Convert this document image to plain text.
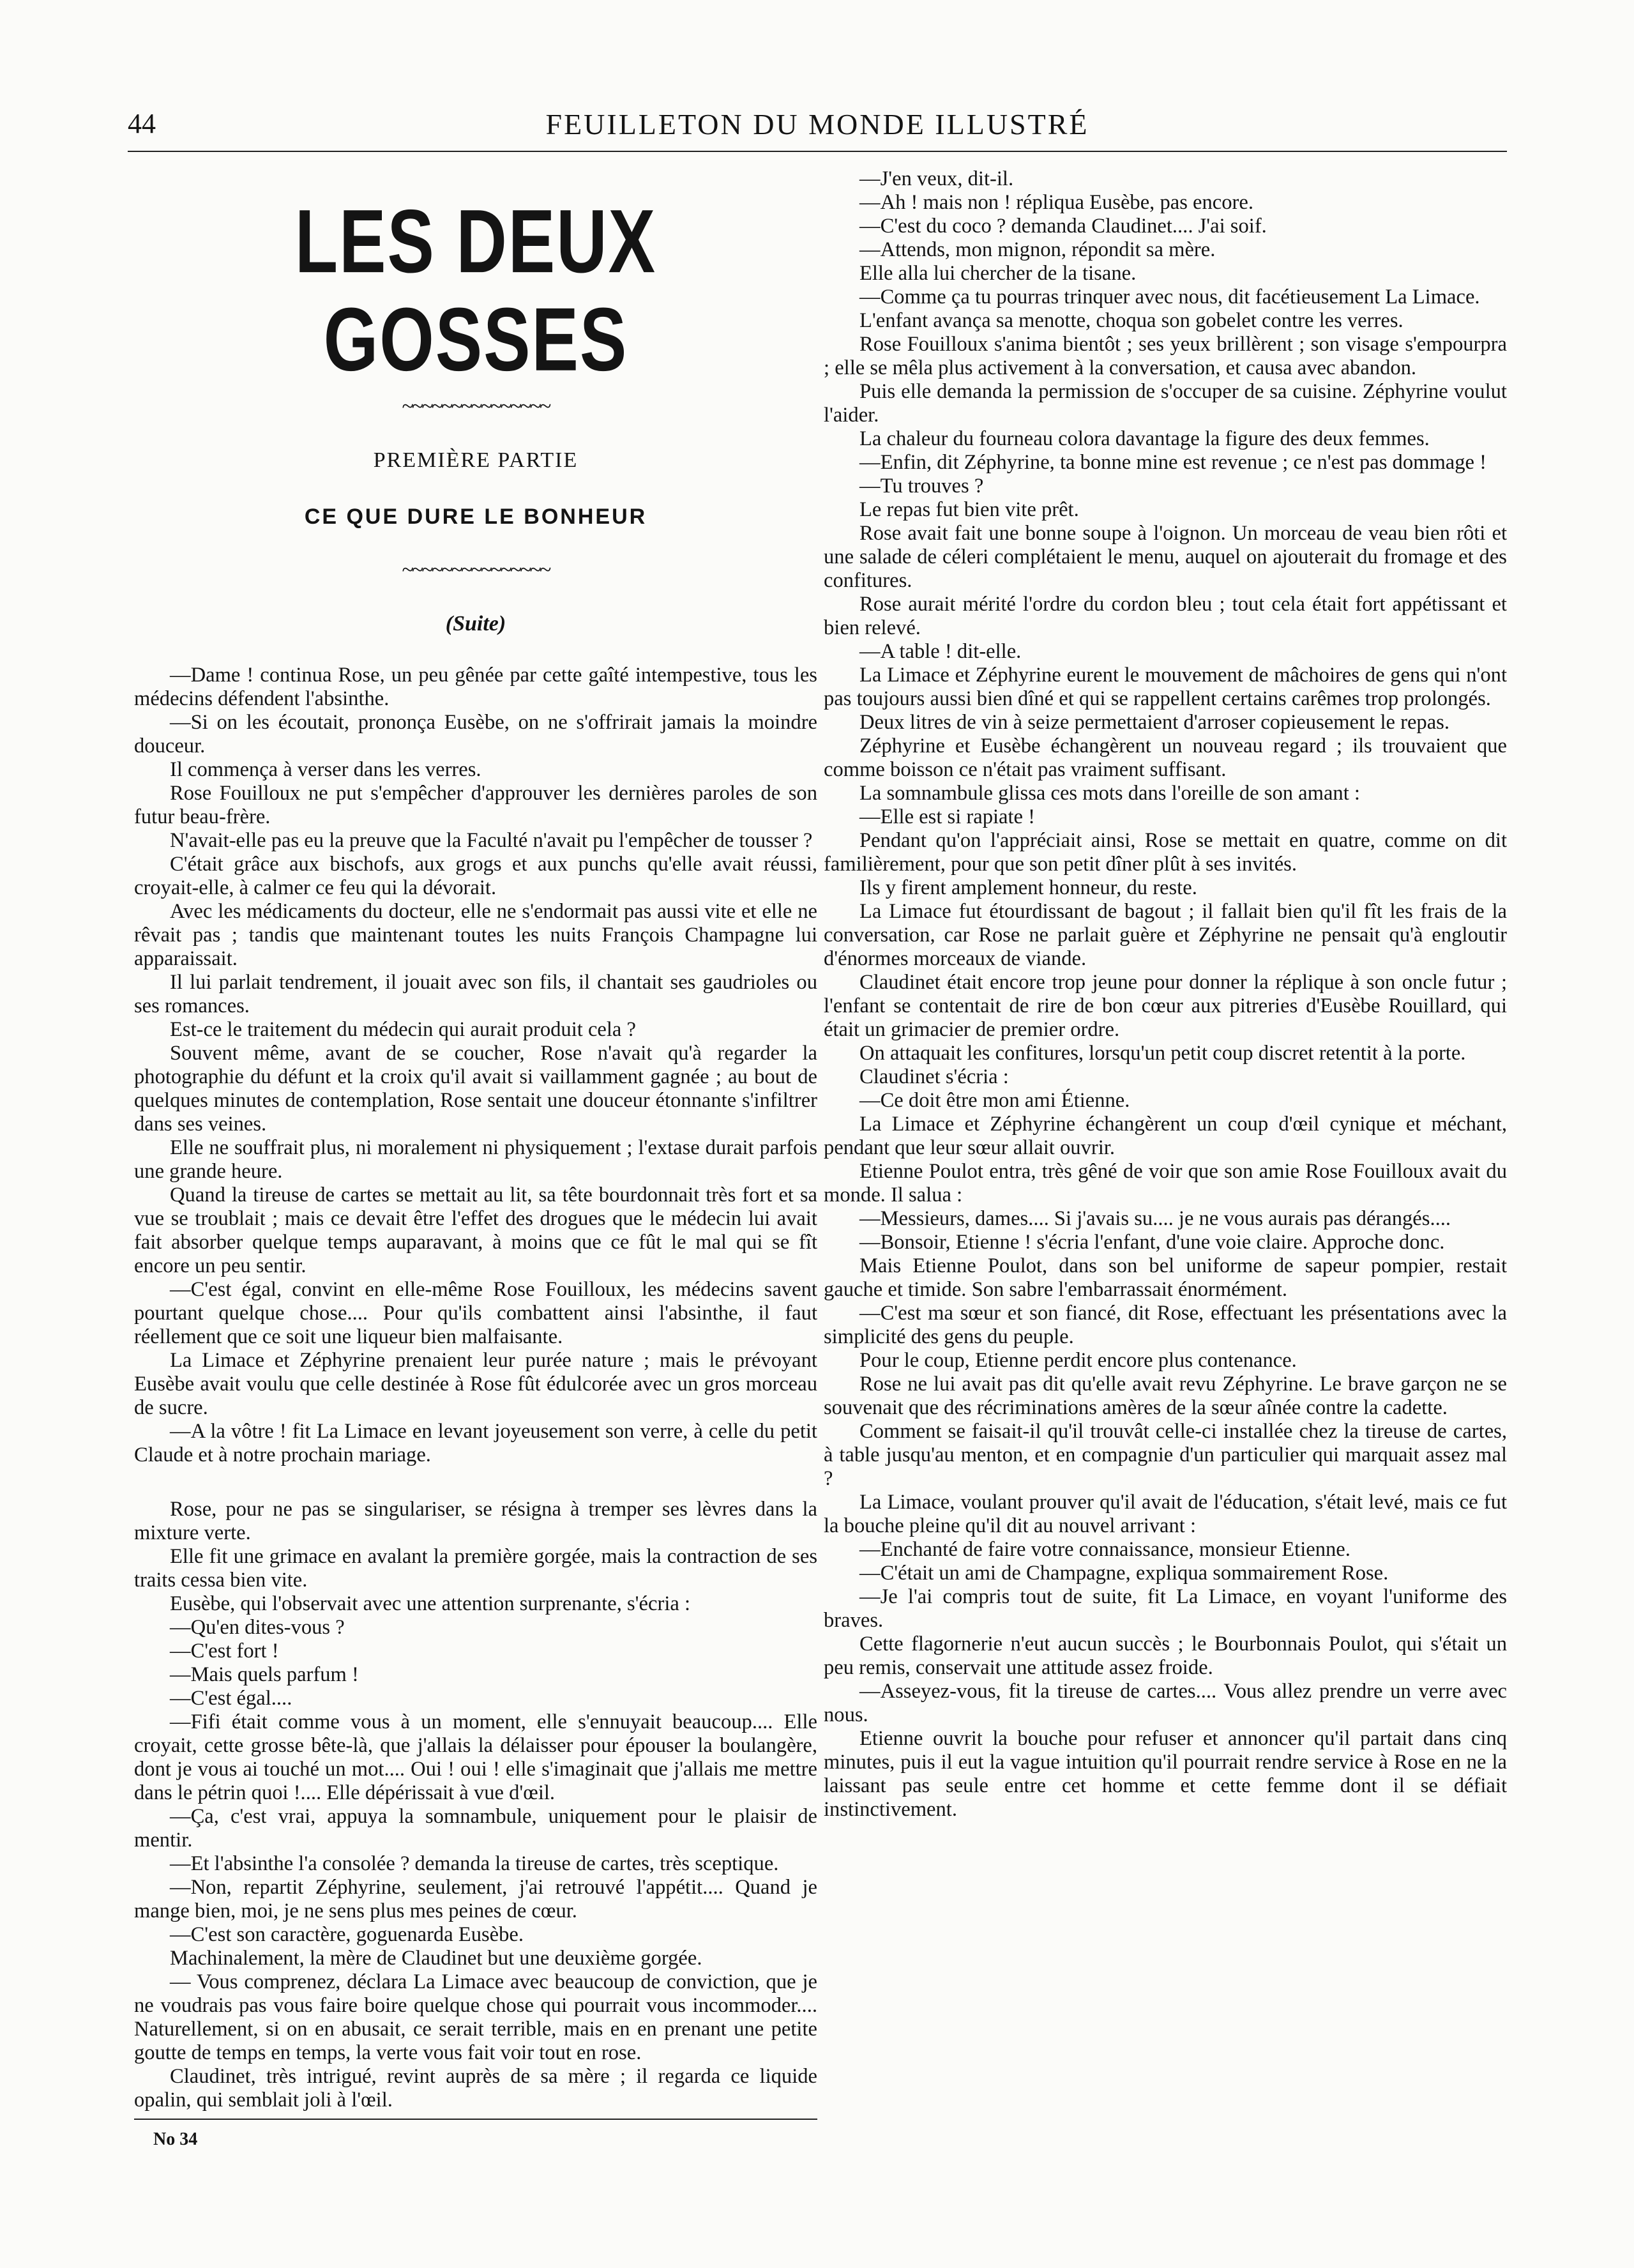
44	FEUILLETON DU MONDE ILLUSTRÉ
LES DEUX GOSSES
~~~~~~~~~~~~~~~
PREMIÈRE PARTIE
CE QUE DURE LE BONHEUR
~~~~~~~~~~~~~~~
(Suite)

—Dame ! continua Rose, un peu gênée par cette gaîté intempestive, tous les médecins défendent l'absinthe.

—Si on les écoutait, prononça Eusèbe, on ne s'offrirait jamais la moindre douceur.

Il commença à verser dans les verres.

Rose Fouilloux ne put s'empêcher d'approuver les dernières paroles de son futur beau-frère.

N'avait-elle pas eu la preuve que la Faculté n'avait pu l'empêcher de tousser ?

C'était grâce aux bischofs, aux grogs et aux punchs qu'elle avait réussi, croyait-elle, à calmer ce feu qui la dévorait.

Avec les médicaments du docteur, elle ne s'endormait pas aussi vite et elle ne rêvait pas ; tandis que maintenant toutes les nuits François Champagne lui apparaissait.

Il lui parlait tendrement, il jouait avec son fils, il chantait ses gaudrioles ou ses romances.

Est-ce le traitement du médecin qui aurait produit cela ?

Souvent même, avant de se coucher, Rose n'avait qu'à regarder la photographie du défunt et la croix qu'il avait si vaillamment gagnée ; au bout de quelques minutes de contemplation, Rose sentait une douceur étonnante s'infiltrer dans ses veines.

Elle ne souffrait plus, ni moralement ni physiquement ; l'extase durait parfois une grande heure.

Quand la tireuse de cartes se mettait au lit, sa tête bourdonnait très fort et sa vue se troublait ; mais ce devait être l'effet des drogues que le médecin lui avait fait absorber quelque temps auparavant, à moins que ce fût le mal qui se fît encore un peu sentir.

—C'est égal, convint en elle-même Rose Fouilloux, les médecins savent pourtant quelque chose.... Pour qu'ils combattent ainsi l'absinthe, il faut réellement que ce soit une liqueur bien malfaisante.

La Limace et Zéphyrine prenaient leur purée nature ; mais le prévoyant Eusèbe avait voulu que celle destinée à Rose fût édulcorée avec un gros morceau de sucre.

—A la vôtre ! fit La Limace en levant joyeusement son verre, à celle du petit Claude et à notre prochain mariage.

Rose, pour ne pas se singulariser, se résigna à tremper ses lèvres dans la mixture verte.

Elle fit une grimace en avalant la première gorgée, mais la contraction de ses traits cessa bien vite.

Eusèbe, qui l'observait avec une attention surprenante, s'écria :

—Qu'en dites-vous ?

—C'est fort !

—Mais quels parfum !

—C'est égal....

—Fifi était comme vous à un moment, elle s'ennuyait beaucoup.... Elle croyait, cette grosse bête-là, que j'allais la délaisser pour épouser la boulangère, dont je vous ai touché un mot.... Oui ! oui ! elle s'imaginait que j'allais me mettre dans le pétrin quoi !.... Elle dépérissait à vue d'œil.

—Ça, c'est vrai, appuya la somnambule, uniquement pour le plaisir de mentir.

—Et l'absinthe l'a consolée ? demanda la tireuse de cartes, très sceptique.

—Non, repartit Zéphyrine, seulement, j'ai retrouvé l'appétit.... Quand je mange bien, moi, je ne sens plus mes peines de cœur.

—C'est son caractère, goguenarda Eusèbe.

Machinalement, la mère de Claudinet but une deuxième gorgée.

— Vous comprenez, déclara La Limace avec beaucoup de conviction, que je ne voudrais pas vous faire boire quelque chose qui pourrait vous incommoder.... Naturellement, si on en abusait, ce serait terrible, mais en en prenant une petite goutte de temps en temps, la verte vous fait voir tout en rose.

Claudinet, très intrigué, revint auprès de sa mère ; il regarda ce liquide opalin, qui semblait joli à l'œil.

No 34

—J'en veux, dit-il.

—Ah ! mais non ! répliqua Eusèbe, pas encore.

—C'est du coco ? demanda Claudinet.... J'ai soif.

—Attends, mon mignon, répondit sa mère.

Elle alla lui chercher de la tisane.

—Comme ça tu pourras trinquer avec nous, dit facétieusement La Limace.

L'enfant avança sa menotte, choqua son gobelet contre les verres.

Rose Fouilloux s'anima bientôt ; ses yeux brillèrent ; son visage s'empourpra ; elle se mêla plus activement à la conversation, et causa avec abandon.

Puis elle demanda la permission de s'occuper de sa cuisine. Zéphyrine voulut l'aider.

La chaleur du fourneau colora davantage la figure des deux femmes.

—Enfin, dit Zéphyrine, ta bonne mine est revenue ; ce n'est pas dommage !

—Tu trouves ?

Le repas fut bien vite prêt.

Rose avait fait une bonne soupe à l'oignon. Un morceau de veau bien rôti et une salade de céleri complétaient le menu, auquel on ajouterait du fromage et des confitures.

Rose aurait mérité l'ordre du cordon bleu ; tout cela était fort appétissant et bien relevé.

—A table ! dit-elle.

La Limace et Zéphyrine eurent le mouvement de mâchoires de gens qui n'ont pas toujours aussi bien dîné et qui se rappellent certains carêmes trop prolongés.

Deux litres de vin à seize permettaient d'arroser copieusement le repas.

Zéphyrine et Eusèbe échangèrent un nouveau regard ; ils trouvaient que comme boisson ce n'était pas vraiment suffisant.

La somnambule glissa ces mots dans l'oreille de son amant :

—Elle est si rapiate !

Pendant qu'on l'appréciait ainsi, Rose se mettait en quatre, comme on dit familièrement, pour que son petit dîner plût à ses invités.

Ils y firent amplement honneur, du reste.

La Limace fut étourdissant de bagout ; il fallait bien qu'il fît les frais de la conversation, car Rose ne parlait guère et Zéphyrine ne pensait qu'à engloutir d'énormes morceaux de viande.

Claudinet était encore trop jeune pour donner la réplique à son oncle futur ; l'enfant se contentait de rire de bon cœur aux pitreries d'Eusèbe Rouillard, qui était un grimacier de premier ordre.

On attaquait les confitures, lorsqu'un petit coup discret retentit à la porte.

Claudinet s'écria :

—Ce doit être mon ami Étienne.

La Limace et Zéphyrine échangèrent un coup d'œil cynique et méchant, pendant que leur sœur allait ouvrir.

Etienne Poulot entra, très gêné de voir que son amie Rose Fouilloux avait du monde. Il salua :

—Messieurs, dames.... Si j'avais su.... je ne vous aurais pas dérangés....

—Bonsoir, Etienne ! s'écria l'enfant, d'une voie claire. Approche donc.

Mais Etienne Poulot, dans son bel uniforme de sapeur pompier, restait gauche et timide. Son sabre l'embarrassait énormément.

—C'est ma sœur et son fiancé, dit Rose, effectuant les présentations avec la simplicité des gens du peuple.

Pour le coup, Etienne perdit encore plus contenance.

Rose ne lui avait pas dit qu'elle avait revu Zéphyrine. Le brave garçon ne se souvenait que des récriminations amères de la sœur aînée contre la cadette.

Comment se faisait-il qu'il trouvât celle-ci installée chez la tireuse de cartes, à table jusqu'au menton, et en compagnie d'un particulier qui marquait assez mal ?

La Limace, voulant prouver qu'il avait de l'éducation, s'était levé, mais ce fut la bouche pleine qu'il dit au nouvel arrivant :

—Enchanté de faire votre connaissance, monsieur Etienne.

—C'était un ami de Champagne, expliqua sommairement Rose.

—Je l'ai compris tout de suite, fit La Limace, en voyant l'uniforme des braves.

Cette flagornerie n'eut aucun succès ; le Bourbonnais Poulot, qui s'était un peu remis, conservait une attitude assez froide.

—Asseyez-vous, fit la tireuse de cartes.... Vous allez prendre un verre avec nous.

Etienne ouvrit la bouche pour refuser et annoncer qu'il partait dans cinq minutes, puis il eut la vague intuition qu'il pourrait rendre service à Rose en ne la laissant pas seule entre cet homme et cette femme dont il se défiait instinctivement.
